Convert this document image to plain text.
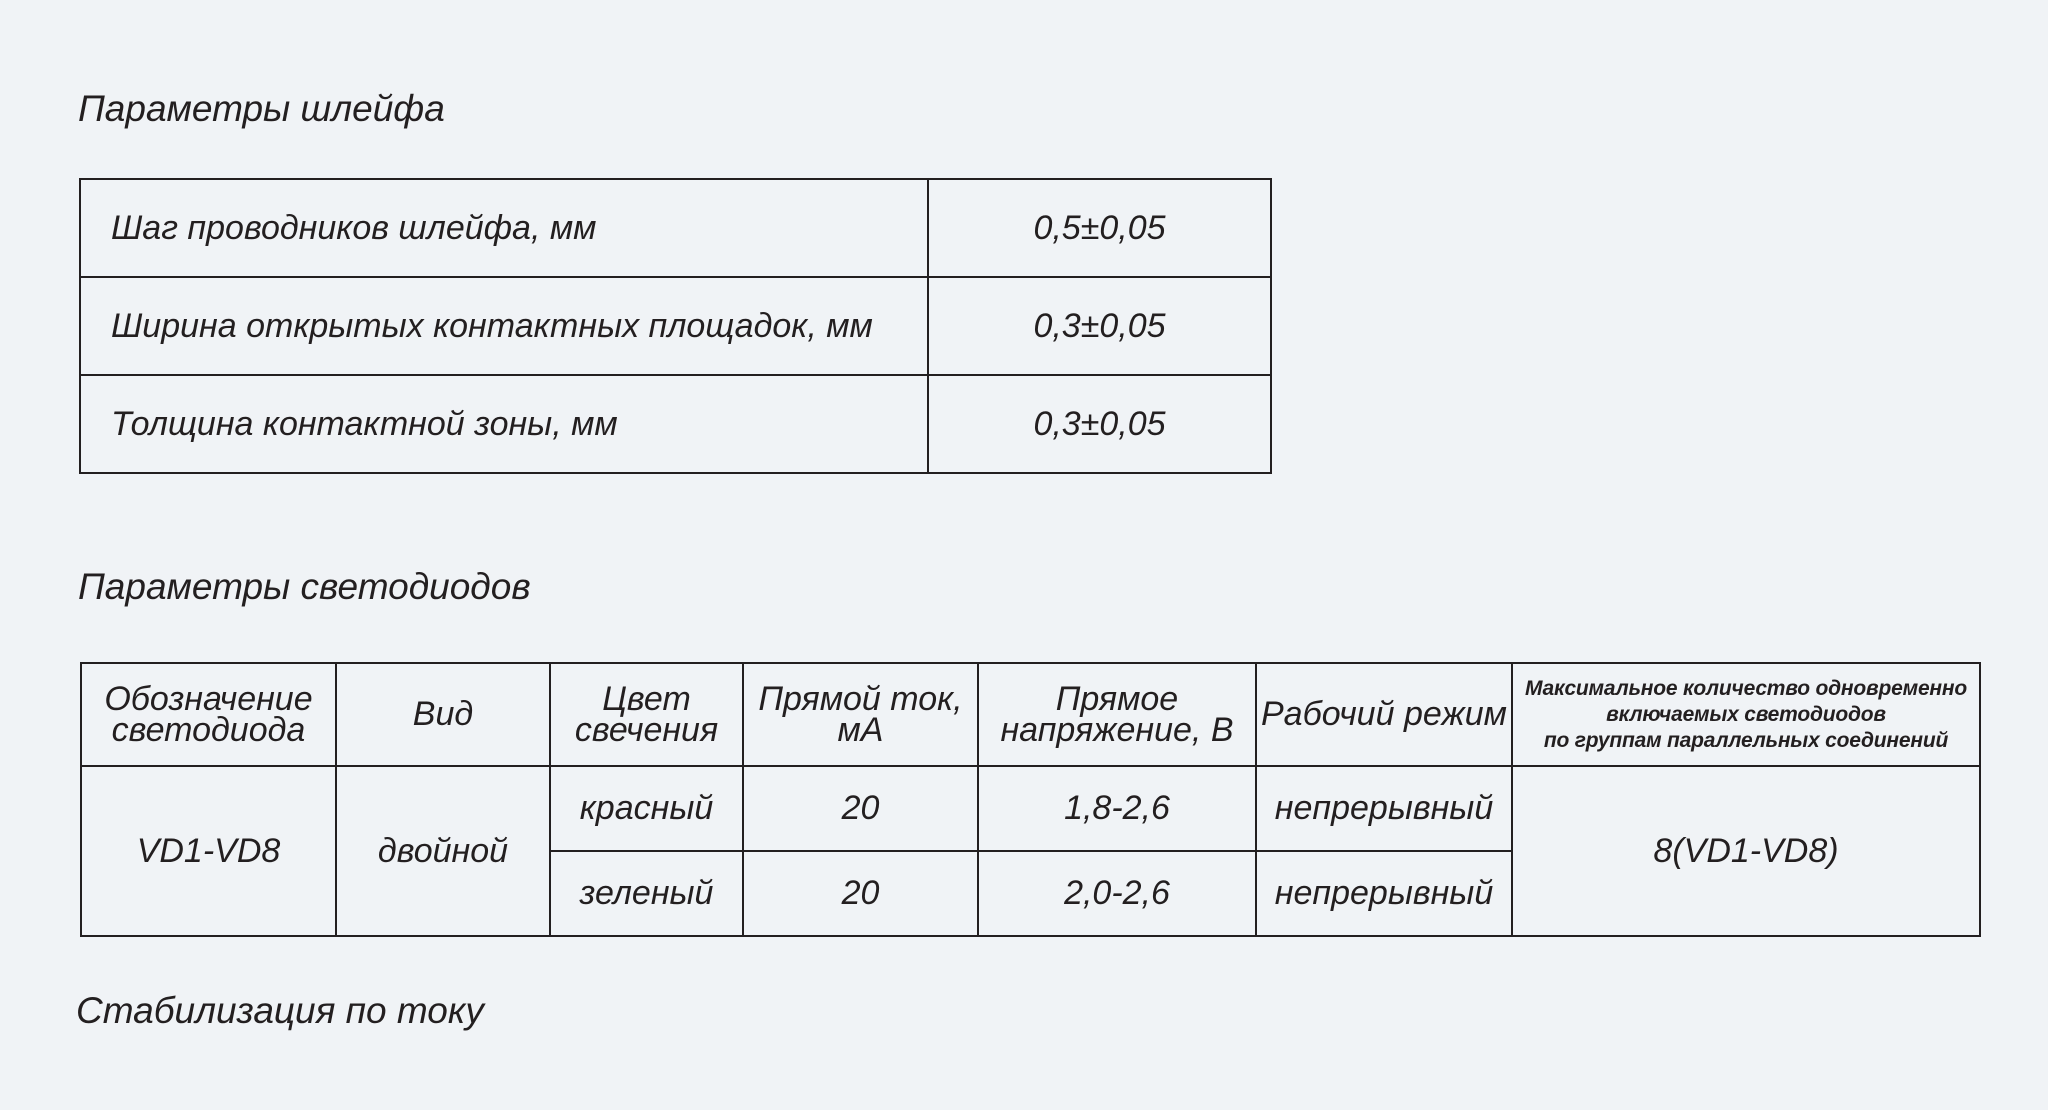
Параметры шлейфа
Шаг проводников шлейфа, мм	0,5±0,05
Ширина открытых контактных площадок, мм	0,3±0,05
Толщина контактной зоны, мм	0,3±0,05
Параметры светодиодов
Обозначение светодиода	Вид	Цвет свечения	Прямой ток, мА	Прямое напряжение, В	Рабочий режим	Максимальное количество одновременно
включаемых светодиодов
по группам параллельных соединений
VD1-VD8	двойной	красный	20	1,8-2,6	непрерывный	8(VD1-VD8)
		зеленый	20	2,0-2,6	непрерывный	
Стабилизация по току
